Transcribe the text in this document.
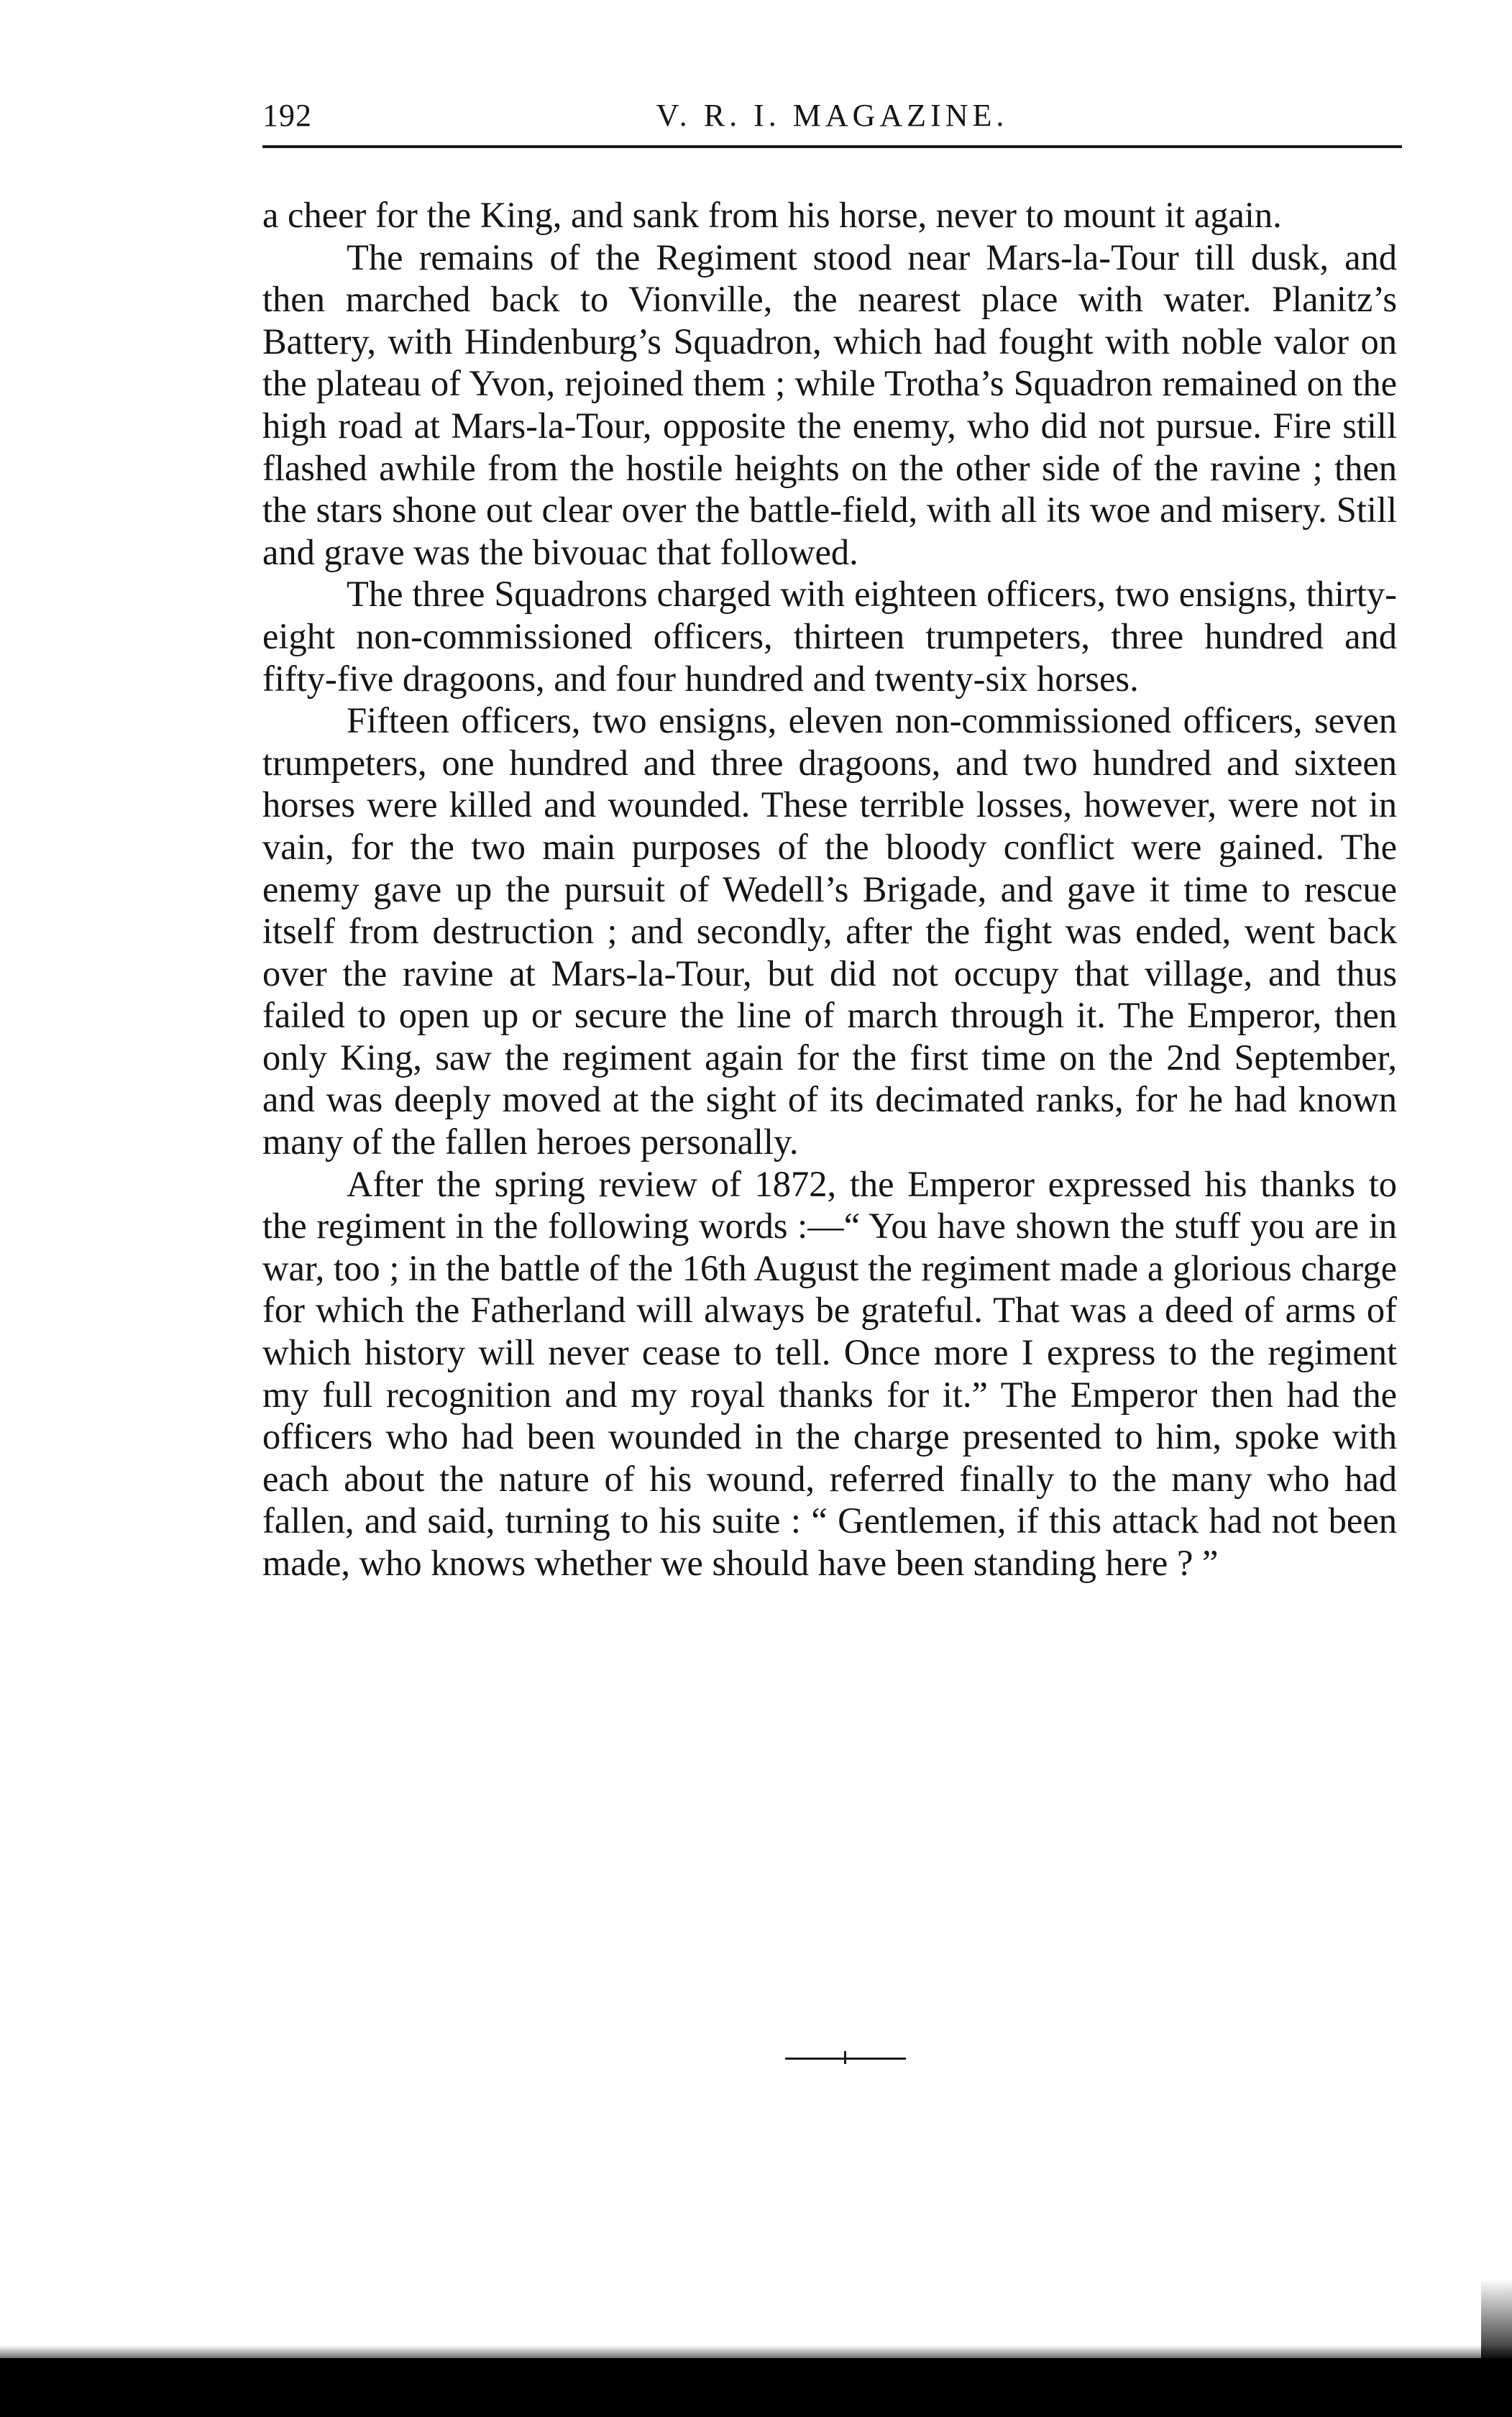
192	V. R. I. MAGAZINE.

a cheer for the King, and sank from his horse, never to mount it again.

The remains of the Regiment stood near Mars-la-Tour till dusk, and then marched back to Vionville, the nearest place with water. Planitz’s Battery, with Hindenburg’s Squadron, which had fought with noble valor on the plateau of Yvon, rejoined them ; while Trotha’s Squadron remained on the high road at Mars-la-Tour, opposite the enemy, who did not pursue. Fire still flashed awhile from the hostile heights on the other side of the ravine ; then the stars shone out clear over the battle-field, with all its woe and misery. Still and grave was the bivouac that followed.

The three Squadrons charged with eighteen officers, two ensigns, thirty-eight non-commissioned officers, thirteen trumpeters, three hundred and fifty-five dragoons, and four hundred and twenty-six horses.

Fifteen officers, two ensigns, eleven non-commissioned officers, seven trumpeters, one hundred and three dragoons, and two hundred and sixteen horses were killed and wounded. These terrible losses, however, were not in vain, for the two main purposes of the bloody conflict were gained. The enemy gave up the pursuit of Wedell’s Brigade, and gave it time to rescue itself from destruction ; and secondly, after the fight was ended, went back over the ravine at Mars-la-Tour, but did not occupy that village, and thus failed to open up or secure the line of march through it. The Emperor, then only King, saw the regiment again for the first time on the 2nd September, and was deeply moved at the sight of its decimated ranks, for he had known many of the fallen heroes personally.

After the spring review of 1872, the Emperor expressed his thanks to the regiment in the following words :—“ You have shown the stuff you are in war, too ; in the battle of the 16th August the regiment made a glorious charge for which the Fatherland will always be grateful. That was a deed of arms of which history will never cease to tell. Once more I express to the regiment my full recognition and my royal thanks for it.” The Emperor then had the officers who had been wounded in the charge presented to him, spoke with each about the nature of his wound, referred finally to the many who had fallen, and said, turning to his suite : “ Gentlemen, if this attack had not been made, who knows whether we should have been standing here ? ”
